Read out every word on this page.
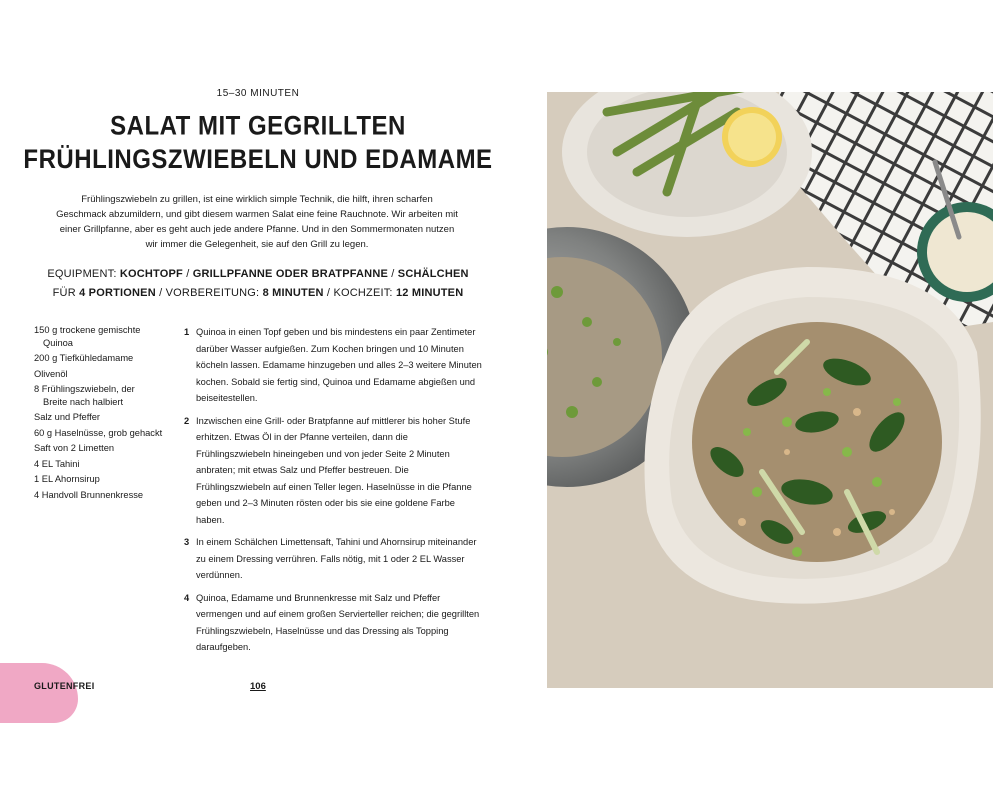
15–30 MINUTEN
SALAT MIT GEGRILLTEN FRÜHLINGSZWIEBELN UND EDAMAME

Frühlingszwiebeln zu grillen, ist eine wirklich simple Technik, die hilft, ihren scharfen Geschmack abzumildern, und gibt diesem warmen Salat eine feine Rauchnote. Wir arbeiten mit einer Grillpfanne, aber es geht auch jede andere Pfanne. Und in den Sommermonaten nutzen wir immer die Gelegenheit, sie auf den Grill zu legen.

EQUIPMENT: KOCHTOPF / GRILLPFANNE ODER BRATPFANNE / SCHÄLCHEN
FÜR 4 PORTIONEN / VORBEREITUNG: 8 MINUTEN / KOCHZEIT: 12 MINUTEN
150 g trockene gemischte
Quinoa
200 g Tiefkühledamame
Olivenöl
8 Frühlingszwiebeln, der
Breite nach halbiert
Salz und Pfeffer
60 g Haselnüsse, grob gehackt
Saft von 2 Limetten
4 EL Tahini
1 EL Ahornsirup
4 Handvoll Brunnenkresse
1 Quinoa in einen Topf geben und bis mindestens ein paar Zentimeter darüber Wasser aufgießen. Zum Kochen bringen und 10 Minuten köcheln lassen. Edamame hinzugeben und alles 2–3 weitere Minuten kochen. Sobald sie fertig sind, Quinoa und Edamame abgießen und beiseitestellen.
2 Inzwischen eine Grill- oder Bratpfanne auf mittlerer bis hoher Stufe erhitzen. Etwas Öl in der Pfanne verteilen, dann die Frühlingszwiebeln hineingeben und von jeder Seite 2 Minuten anbraten; mit etwas Salz und Pfeffer bestreuen. Die Frühlingszwiebeln auf einen Teller legen. Haselnüsse in die Pfanne geben und 2–3 Minuten rösten oder bis sie eine goldene Farbe haben.
3 In einem Schälchen Limettensaft, Tahini und Ahornsirup miteinander zu einem Dressing verrühren. Falls nötig, mit 1 oder 2 EL Wasser verdünnen.
4 Quinoa, Edamame und Brunnenkresse mit Salz und Pfeffer vermengen und auf einem großen Servierteller reichen; die gegrillten Frühlingszwiebeln, Haselnüsse und das Dressing als Topping daraufgeben.
GLUTENFREI	106
